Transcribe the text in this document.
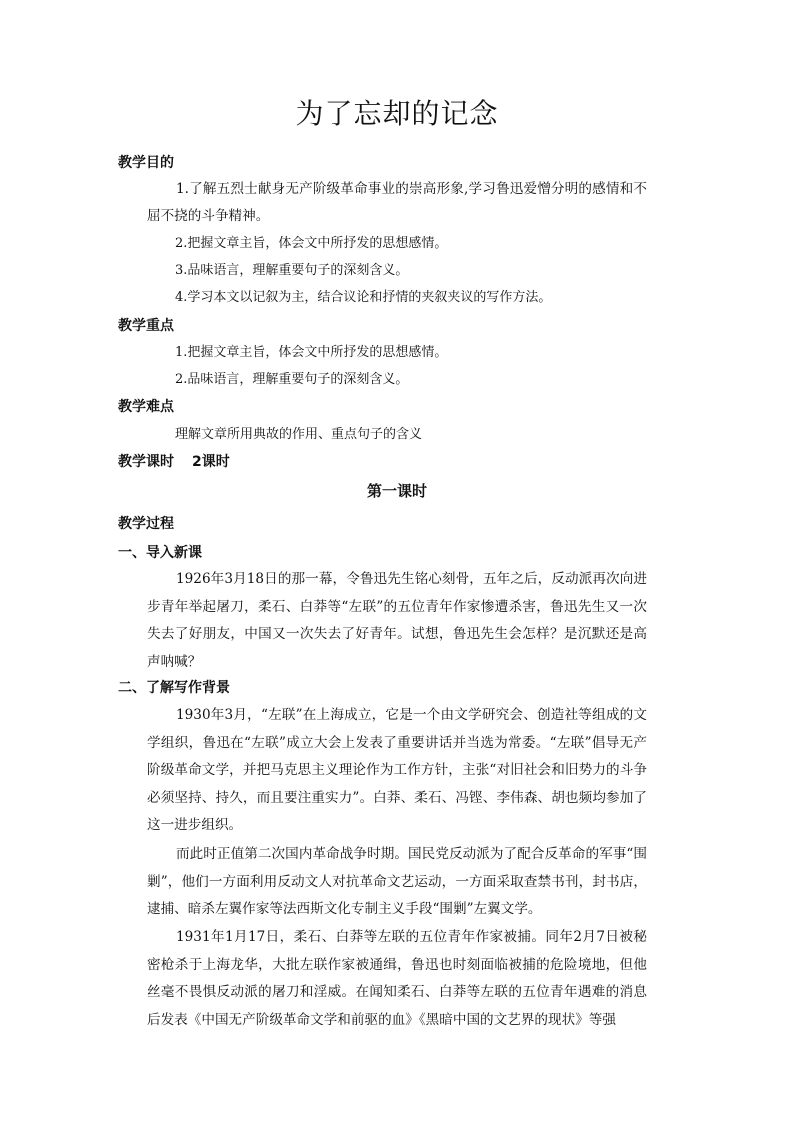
为了忘却的记念
教学目的
1.了解五烈士献身无产阶级革命事业的崇高形象,学习鲁迅爱憎分明的感情和不屈不挠的斗争精神。
2.把握文章主旨，体会文中所抒发的思想感情。
3.品味语言，理解重要句子的深刻含义。
4.学习本文以记叙为主，结合议论和抒情的夹叙夹议的写作方法。
教学重点
1.把握文章主旨，体会文中所抒发的思想感情。
2.品味语言，理解重要句子的深刻含义。
教学难点
理解文章所用典故的作用、重点句子的含义
教学课时 2课时
第一课时
教学过程
一、导入新课
1926年3月18日的那一幕，令鲁迅先生铭心刻骨，五年之后，反动派再次向进步青年举起屠刀，柔石、白莽等“左联”的五位青年作家惨遭杀害，鲁迅先生又一次失去了好朋友，中国又一次失去了好青年。试想，鲁迅先生会怎样？是沉默还是高声呐喊？
二、了解写作背景
1930年3月，“左联”在上海成立，它是一个由文学研究会、创造社等组成的文学组织，鲁迅在“左联”成立大会上发表了重要讲话并当选为常委。“左联”倡导无产阶级革命文学，并把马克思主义理论作为工作方针，主张“对旧社会和旧势力的斗争必须坚持、持久，而且要注重实力”。白莽、柔石、冯铿、李伟森、胡也频均参加了这一进步组织。
而此时正值第二次国内革命战争时期。国民党反动派为了配合反革命的军事“围剿”，他们一方面利用反动文人对抗革命文艺运动，一方面采取查禁书刊，封书店，逮捕、暗杀左翼作家等法西斯文化专制主义手段“围剿”左翼文学。
1931年1月17日，柔石、白莽等左联的五位青年作家被捕。同年2月7日被秘密枪杀于上海龙华，大批左联作家被通缉，鲁迅也时刻面临被捕的危险境地，但他丝毫不畏惧反动派的屠刀和淫威。在闻知柔石、白莽等左联的五位青年遇难的消息后发表《中国无产阶级革命文学和前驱的血》《黑暗中国的文艺界的现状》等强
